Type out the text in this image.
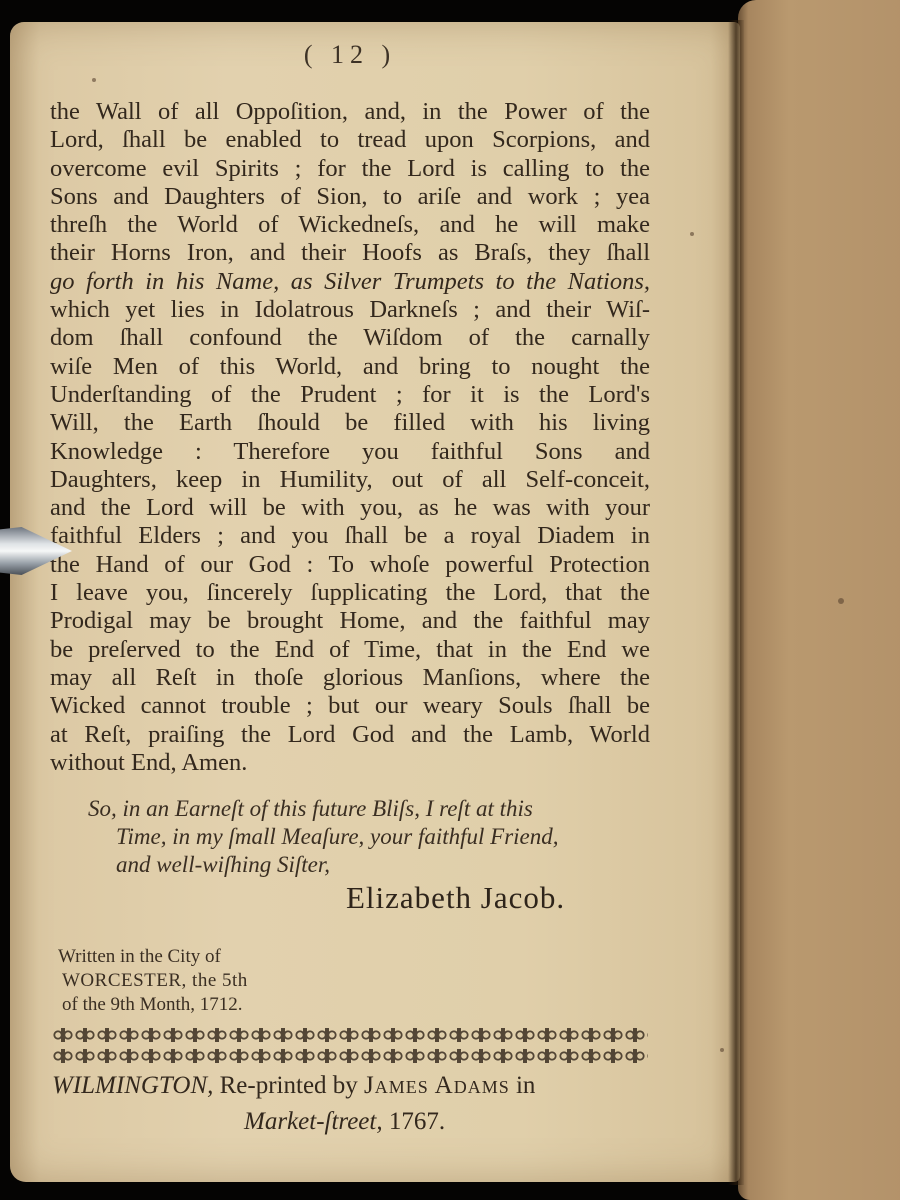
( 12 )
the Wall of all Oppoſition, and, in the Power of the
Lord, ſhall be enabled to tread upon Scorpions, and
overcome evil Spirits ; for the Lord is calling to the
Sons and Daughters of Sion, to ariſe and work ; yea
threſh the World of Wickedneſs, and he will make
their Horns Iron, and their Hoofs as Braſs, they ſhall
go forth in his Name, as Silver Trumpets to the Nations,
which yet lies in Idolatrous Darkneſs ; and their Wiſ-
dom ſhall confound the Wiſdom of the carnally
wiſe Men of this World, and bring to nought the
Underſtanding of the Prudent ; for it is the Lord's
Will, the Earth ſhould be filled with his living
Knowledge : Therefore you faithful Sons and
Daughters, keep in Humility, out of all Self-conceit,
and the Lord will be with you, as he was with your
faithful Elders ; and you ſhall be a royal Diadem in
the Hand of our God : To whoſe powerful Protection
I leave you, ſincerely ſupplicating the Lord, that the
Prodigal may be brought Home, and the faithful may
be preſerved to the End of Time, that in the End we
may all Reſt in thoſe glorious Manſions, where the
Wicked cannot trouble ; but our weary Souls ſhall be
at Reſt, praiſing the Lord God and the Lamb, World
without End, Amen.
So, in an Earneſt of this future Bliſs, I reſt at this
Time, in my ſmall Meaſure, your faithful Friend,
and well-wiſhing Siſter,
Elizabeth Jacob.
Written in the City of
WORCESTER, the 5th
of the 9th Month, 1712.
WILMINGTON, Re-printed by James Adams in
Market-ſtreet, 1767.
